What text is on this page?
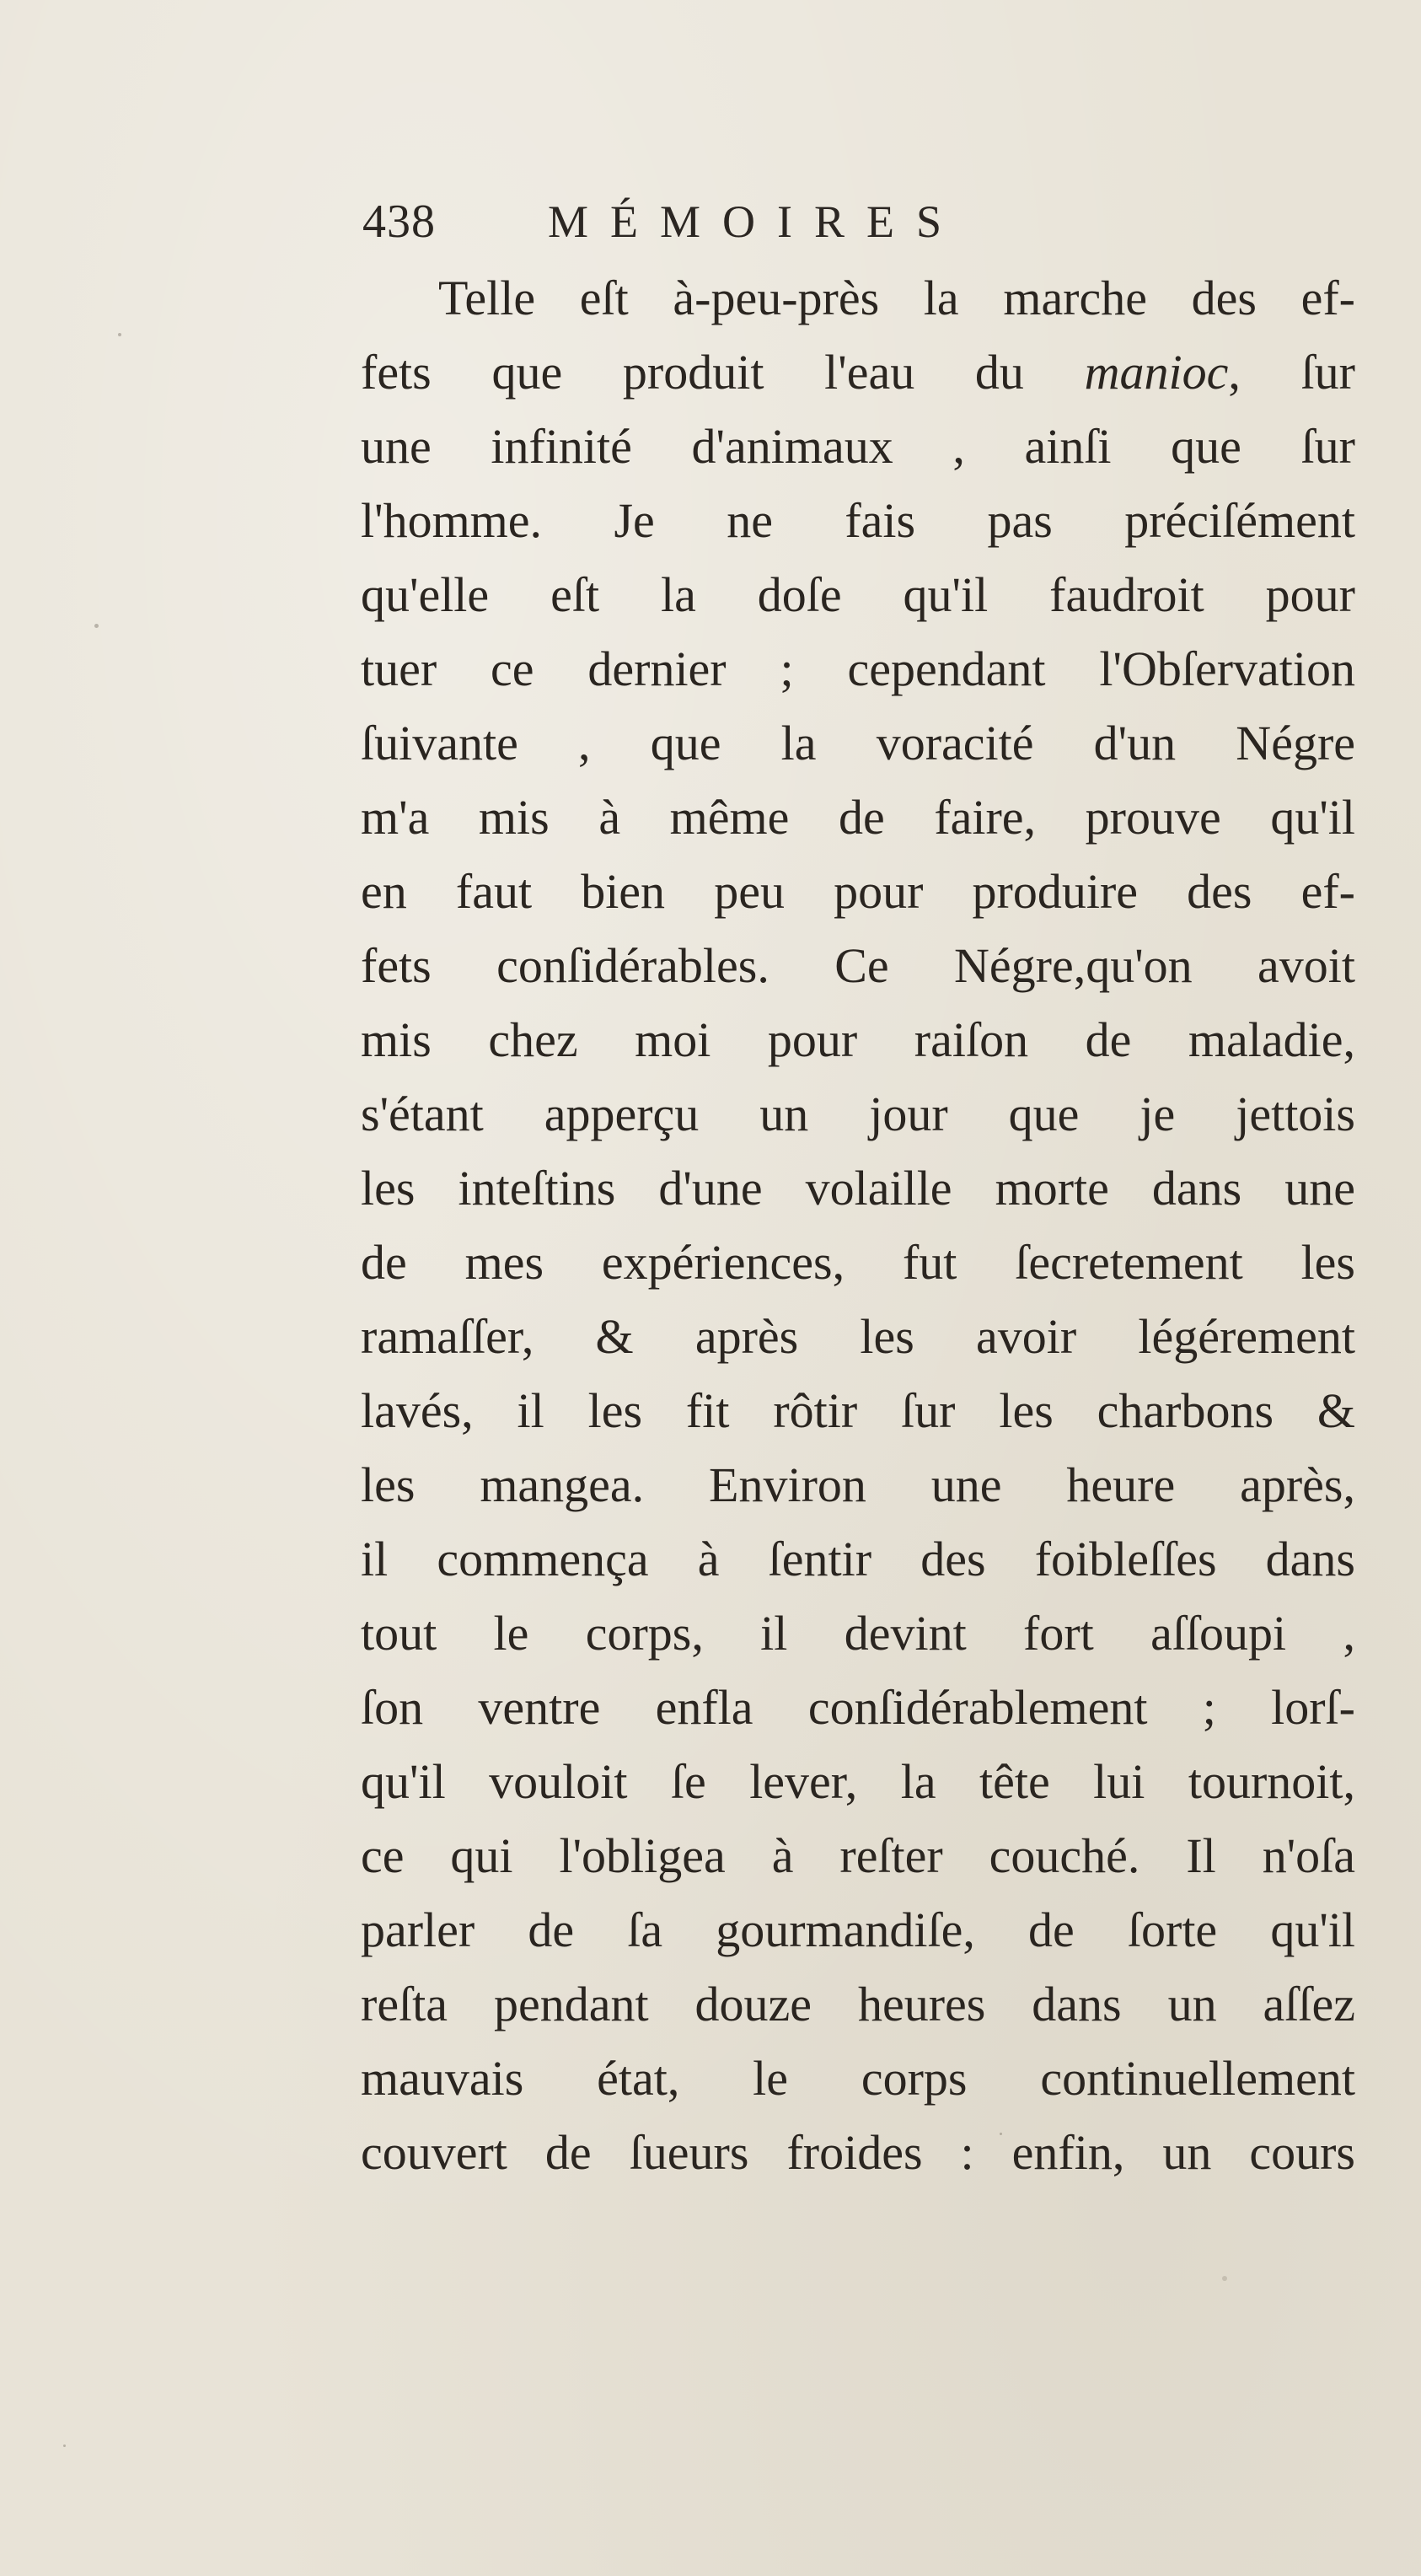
438 MÉMOIRES
Telle eſt à-peu-près la marche des ef-
fets que produit l'eau du manioc, ſur
une infinité d'animaux , ainſi que ſur
l'homme. Je ne fais pas préciſément
qu'elle eſt la doſe qu'il faudroit pour
tuer ce dernier ; cependant l'Obſervation
ſuivante , que la voracité d'un Négre
m'a mis à même de faire, prouve qu'il
en faut bien peu pour produire des ef-
fets conſidérables. Ce Négre,qu'on avoit
mis chez moi pour raiſon de maladie,
s'étant apperçu un jour que je jettois
les inteſtins d'une volaille morte dans une
de mes expériences, fut ſecretement les
ramaſſer, & après les avoir légérement
lavés, il les fit rôtir ſur les charbons &
les mangea. Environ une heure après,
il commença à ſentir des foibleſſes dans
tout le corps, il devint fort aſſoupi ,
ſon ventre enfla conſidérablement ; lorſ-
qu'il vouloit ſe lever, la tête lui tournoit,
ce qui l'obligea à reſter couché. Il n'oſa
parler de ſa gourmandiſe, de ſorte qu'il
reſta pendant douze heures dans un aſſez
mauvais état, le corps continuellement
couvert de ſueurs froides : enfin, un cours
